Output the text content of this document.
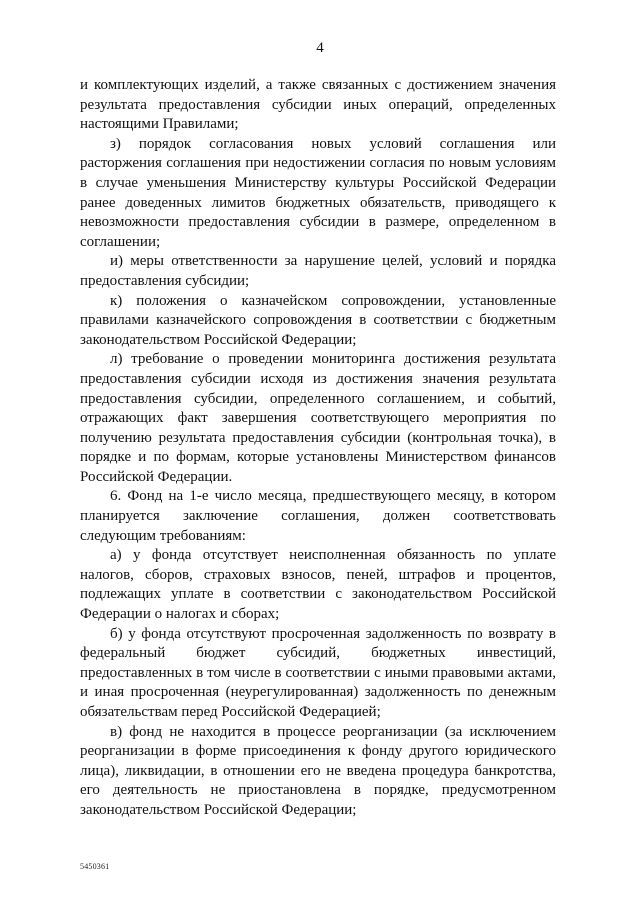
4

и комплектующих изделий, а также связанных с достижением значения результата предоставления субсидии иных операций, определенных настоящими Правилами;

з) порядок согласования новых условий соглашения или расторжения соглашения при недостижении согласия по новым условиям в случае уменьшения Министерству культуры Российской Федерации ранее доведенных лимитов бюджетных обязательств, приводящего к невозможности предоставления субсидии в размере, определенном в соглашении;

и) меры ответственности за нарушение целей, условий и порядка предоставления субсидии;

к) положения о казначейском сопровождении, установленные правилами казначейского сопровождения в соответствии с бюджетным законодательством Российской Федерации;

л) требование о проведении мониторинга достижения результата предоставления субсидии исходя из достижения значения результата предоставления субсидии, определенного соглашением, и событий, отражающих факт завершения соответствующего мероприятия по получению результата предоставления субсидии (контрольная точка), в порядке и по формам, которые установлены Министерством финансов Российской Федерации.

6. Фонд на 1-е число месяца, предшествующего месяцу, в котором планируется заключение соглашения, должен соответствовать следующим требованиям:

а) у фонда отсутствует неисполненная обязанность по уплате налогов, сборов, страховых взносов, пеней, штрафов и процентов, подлежащих уплате в соответствии с законодательством Российской Федерации о налогах и сборах;

б) у фонда отсутствуют просроченная задолженность по возврату в федеральный бюджет субсидий, бюджетных инвестиций, предоставленных в том числе в соответствии с иными правовыми актами, и иная просроченная (неурегулированная) задолженность по денежным обязательствам перед Российской Федерацией;

в) фонд не находится в процессе реорганизации (за исключением реорганизации в форме присоединения к фонду другого юридического лица), ликвидации, в отношении его не введена процедура банкротства, его деятельность не приостановлена в порядке, предусмотренном законодательством Российской Федерации;

5450361
